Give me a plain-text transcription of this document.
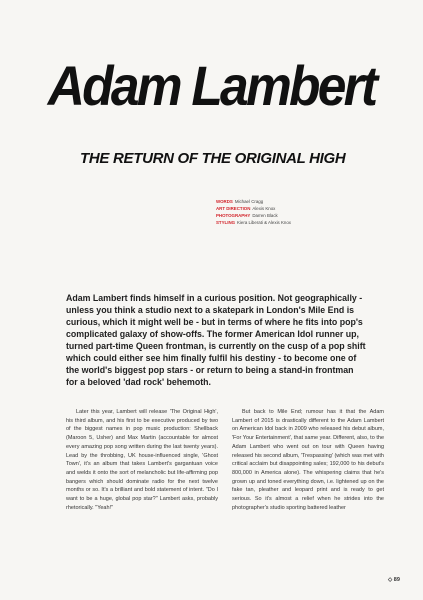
Adam Lambert
THE RETURN OF THE ORIGINAL HIGH
WORDS Michael Cragg
ART DIRECTION Alexis Knox
PHOTOGRAPHY Darren Black
STYLING Kiera Liberati & Alexis Knox
Adam Lambert finds himself in a curious position. Not geographically - unless you think a studio next to a skatepark in London's Mile End is curious, which it might well be - but in terms of where he fits into pop's complicated galaxy of show-offs. The former American Idol runner up, turned part-time Queen frontman, is currently on the cusp of a pop shift which could either see him finally fulfil his destiny - to become one of the world's biggest pop stars - or return to being a stand-in frontman for a beloved 'dad rock' behemoth.

Later this year, Lambert will release 'The Original High', his third album, and his first to be executive produced by two of the biggest names in pop music production: Shellback (Maroon 5, Usher) and Max Martin (accountable for almost every amazing pop song written during the last twenty years). Lead by the throbbing, UK house-influenced single, 'Ghost Town', it's an album that takes Lambert's gargantuan voice and welds it onto the sort of melancholic but life-affirming pop bangers which should dominate radio for the next twelve months or so. It's a brilliant and bold statement of intent. "Do I want to be a huge, global pop star?" Lambert asks, probably rhetorically. "Yeah!"

But back to Mile End; rumour has it that the Adam Lambert of 2015 is drastically different to the Adam Lambert on American Idol back in 2009 who released his debut album, 'For Your Entertainment', that same year. Different, also, to the Adam Lambert who went out on tour with Queen having released his second album, 'Trespassing' (which was met with critical acclaim but disappointing sales; 192,000 to his debut's 800,000 in America alone). The whispering claims that he's grown up and toned everything down, i.e. lightened up on the fake tan, pleather and leopard print and is ready to get serious. So it's almost a relief when he strides into the photographer's studio sporting battered leather

◇ 89
